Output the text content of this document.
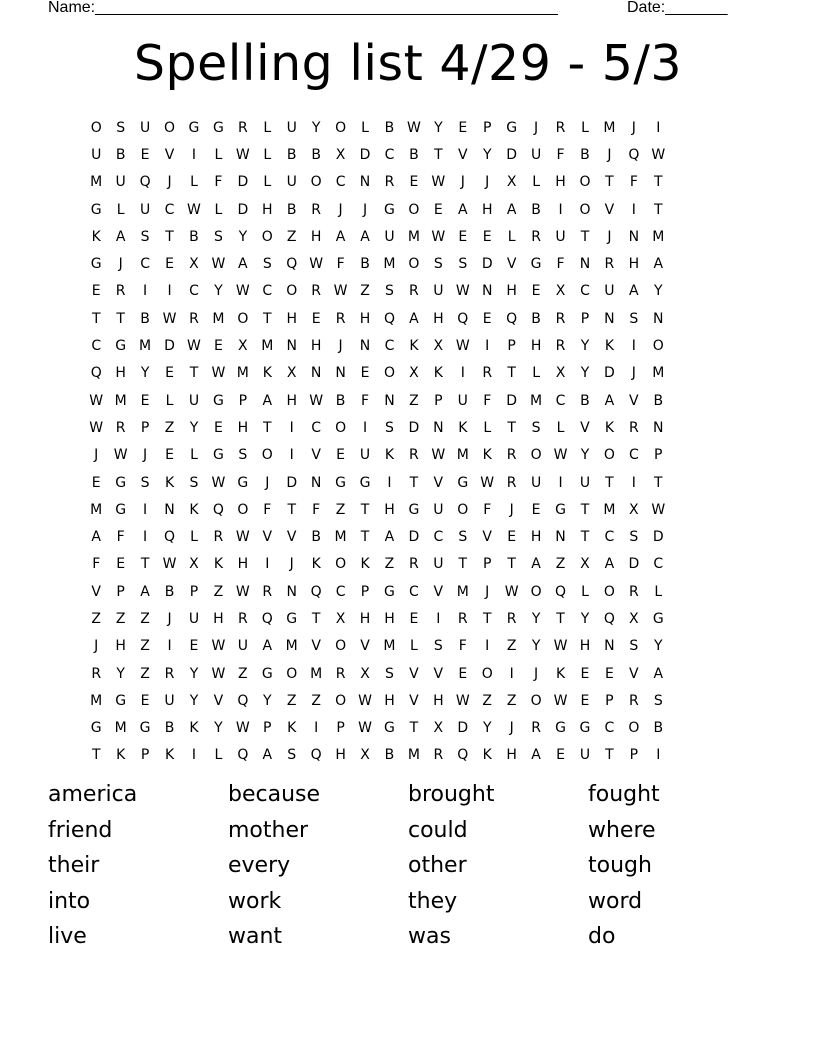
Name:____________________________________________________	Date:_______
Spelling list 4/29 - 5/3
O	S	U O G G	R	L	U	Y	O	L	B W Y	E	P	G	J	R	L	M	J	I
U	B	E	V	I	L W L	B	B	X	D	C	B	T	V	Y	D U	F	B	J	Q W
M U Q	J	L	F	D	L	U O	C	N	R	E W	J	J	X	L	H O	T	F	T
G	L	U	C W L	D H	B	R	J	J	G O	E	A	H	A	B	I	O	V	I	T
K	A	S	T	B	S	Y	O	Z	H	A	A	U M W E	E	L	R	U	T	J	N M
G	J	C	E	X W A	S	Q W F	B M O	S	S	D	V	G	F	N	R	H	A
E	R	I	I	C	Y W C	O	R W Z	S	R	U W N H	E	X	C	U	A	Y
T	T	B W R M O	T	H	E	R	H Q	A	H Q	E	Q	B	R	P	N	S	N
C	G M D W E	X M N H	J	N	C	K	X W	I	P	H	R	Y	K	I	O
Q H	Y	E	T W M K	X	N N	E	O	X	K	I	R	T	L	X	Y	D	J	M
W M E	L	U G	P	A	H W B	F	N	Z	P	U	F	D M C	B	A	V	B
W R	P	Z	Y	E	H	T	I	C	O	I	S	D N	K	L	T	S	L	V	K	R	N
J	W	J	E	L	G	S	O	I	V	E	U	K	R W M K	R	O W Y	O	C	P
E	G	S	K	S W G	J	D N G G	I	T	V	G W R	U	I	U	T	I	T
M G	I	N	K	Q O	F	T	F	Z	T	H G U O	F	J	E	G	T	M X W
A	F	I	Q	L	R W V	V	B M	T	A	D	C	S	V	E	H N	T	C	S	D
F	E	T W X	K	H	I	J	K	O	K	Z	R	U	T	P	T	A	Z	X	A	D	C
V	P	A	B	P	Z W R	N Q	C	P	G	C	V M	J	W O Q	L	O	R	L
Z	Z	Z	J	U	H	R	Q G	T	X	H H	E	I	R	T	R	Y	T	Y	Q	X	G
J	H	Z	I	E W U	A M V	O	V M	L	S	F	I	Z	Y W H N	S	Y
R	Y	Z	R	Y W Z	G O M R	X	S	V	V	E	O	I	J	K	E	E	V	A
M G	E	U	Y	V	Q	Y	Z	Z	O W H	V	H W Z	Z	O W E	P	R	S
G M G	B	K	Y W P	K	I	P W G	T	X	D	Y	J	R	G G	C	O	B
T	K	P	K	I	L	Q	A	S	Q H	X	B M R	Q	K	H	A	E	U	T	P	I
america	because	brought	fought
friend	mother	could	where
their	every	other	tough
into	work	they	word
live	want	was	do
